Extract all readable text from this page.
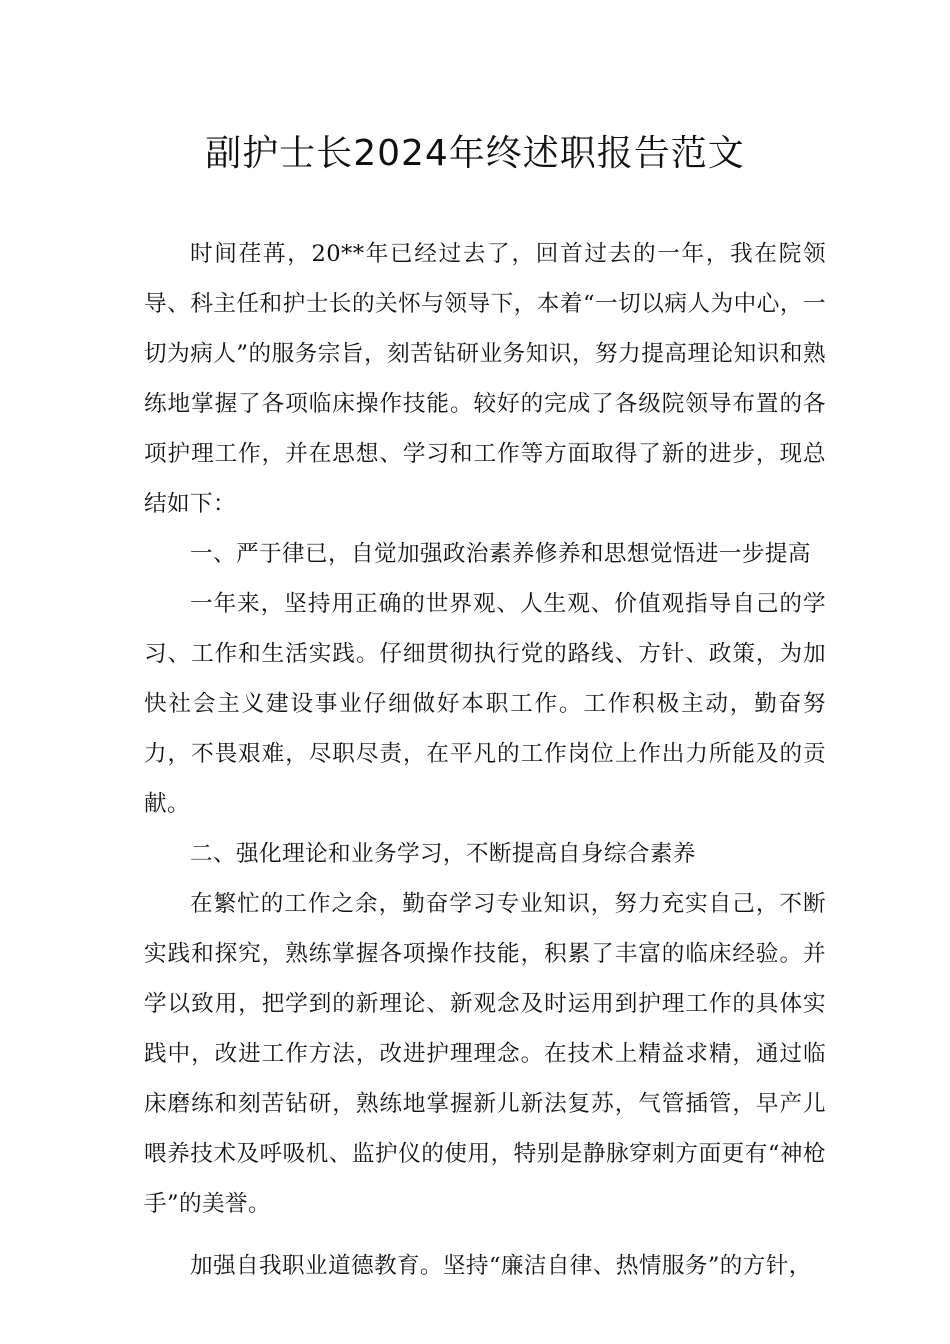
副护士长2024年终述职报告范文

时间荏苒，20**年已经过去了，回首过去的一年，我在院领导、科主任和护士长的关怀与领导下，本着“一切以病人为中心，一切为病人”的服务宗旨，刻苦钻研业务知识，努力提高理论知识和熟练地掌握了各项临床操作技能。较好的完成了各级院领导布置的各项护理工作，并在思想、学习和工作等方面取得了新的进步，现总结如下：

一、严于律已，自觉加强政治素养修养和思想觉悟进一步提高

一年来，坚持用正确的世界观、人生观、价值观指导自己的学习、工作和生活实践。仔细贯彻执行党的路线、方针、政策，为加快社会主义建设事业仔细做好本职工作。工作积极主动，勤奋努力，不畏艰难，尽职尽责，在平凡的工作岗位上作出力所能及的贡献。

二、强化理论和业务学习，不断提高自身综合素养

在繁忙的工作之余，勤奋学习专业知识，努力充实自己，不断实践和探究，熟练掌握各项操作技能，积累了丰富的临床经验。并学以致用，把学到的新理论、新观念及时运用到护理工作的具体实践中，改进工作方法，改进护理理念。在技术上精益求精，通过临床磨练和刻苦钻研，熟练地掌握新儿新法复苏，气管插管，早产儿喂养技术及呼吸机、监护仪的使用，特别是静脉穿刺方面更有“神枪手”的美誉。

加强自我职业道德教育。坚持“廉洁自律、热情服务”的方针，
